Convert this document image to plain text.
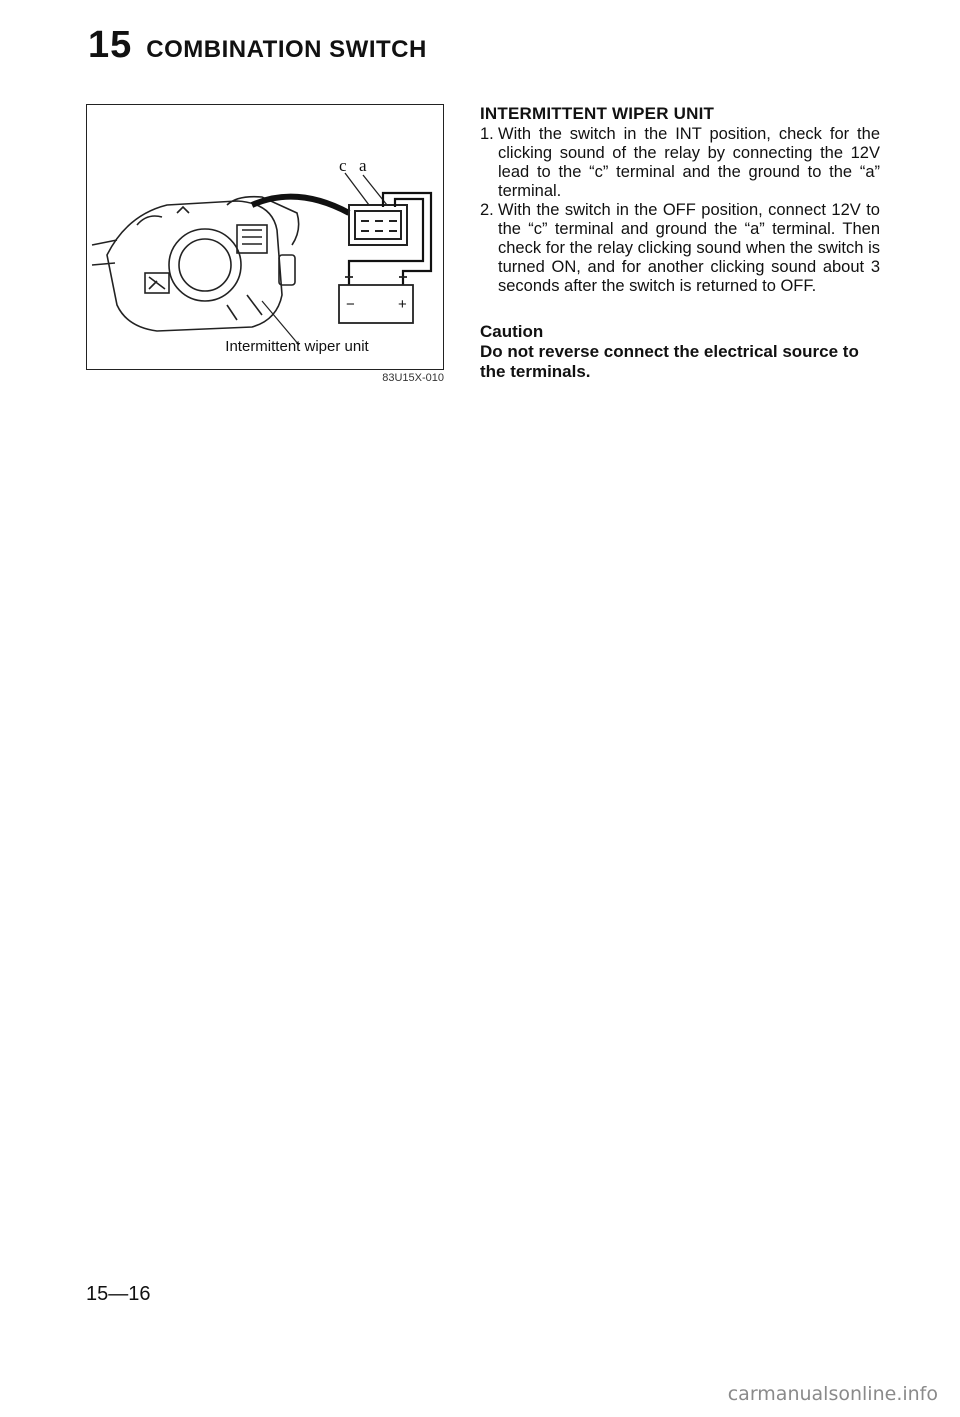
15 COMBINATION SWITCH
c a
−	+
Intermittent wiper unit
83U15X-010

INTERMITTENT WIPER UNIT

1. With the switch in the INT position, check for the clicking sound of the relay by connecting the 12V lead to the “c” terminal and the ground to the “a” terminal.
2. With the switch in the OFF position, connect 12V to the “c” terminal and ground the “a” terminal. Then check for the relay clicking sound when the switch is turned ON, and for another clicking sound about 3 seconds after the switch is returned to OFF.

Caution

Do not reverse connect the electrical source to the terminals.

15—16
carmanualsonline.info
